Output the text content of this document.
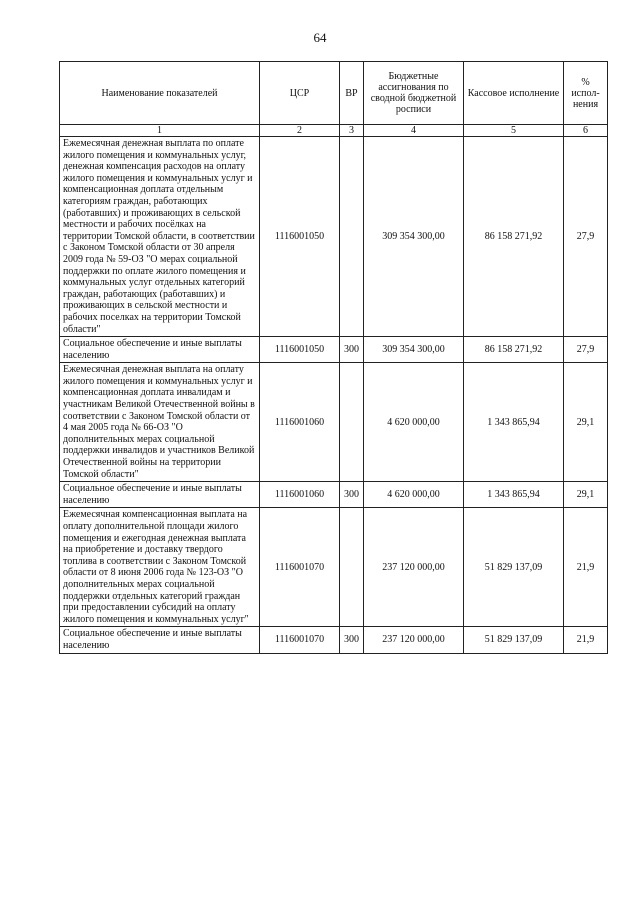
64
Наименование показателей	ЦСР	ВР	Бюджетные ассигнования по сводной бюджетной росписи	Кассовое исполнение	% испол-нения
1	2	3	4	5	6
Ежемесячная денежная выплата по оплате жилого помещения и коммунальных услуг, денежная компенсация расходов на оплату жилого помещения и коммунальных услуг и компенсационная доплата отдельным категориям граждан, работающих (работавших) и проживающих в сельской местности и рабочих посёлках на территории Томской области, в соответствии с Законом Томской области от 30 апреля 2009 года № 59-ОЗ "О мерах социальной поддержки по оплате жилого помещения и коммунальных услуг отдельных категорий граждан, работающих (работавших) и проживающих в сельской местности и рабочих поселках на территории Томской области"	1116001050		309 354 300,00	86 158 271,92	27,9
Социальное обеспечение и иные выплаты населению	1116001050	300	309 354 300,00	86 158 271,92	27,9
Ежемесячная денежная выплата на оплату жилого помещения и коммунальных услуг и компенсационная доплата инвалидам и участникам Великой Отечественной войны в соответствии с Законом Томской области от 4 мая 2005 года № 66-ОЗ "О дополнительных мерах социальной поддержки инвалидов и участников Великой Отечественной войны на территории Томской области"	1116001060		4 620 000,00	1 343 865,94	29,1
Социальное обеспечение и иные выплаты населению	1116001060	300	4 620 000,00	1 343 865,94	29,1
Ежемесячная компенсационная выплата на оплату дополнительной площади жилого помещения и ежегодная денежная выплата на приобретение и доставку твердого топлива в соответствии с Законом Томской области от 8 июня 2006 года № 123-ОЗ "О дополнительных мерах социальной поддержки отдельных категорий граждан при предоставлении субсидий на оплату жилого помещения и коммунальных услуг"	1116001070		237 120 000,00	51 829 137,09	21,9
Социальное обеспечение и иные выплаты населению	1116001070	300	237 120 000,00	51 829 137,09	21,9
